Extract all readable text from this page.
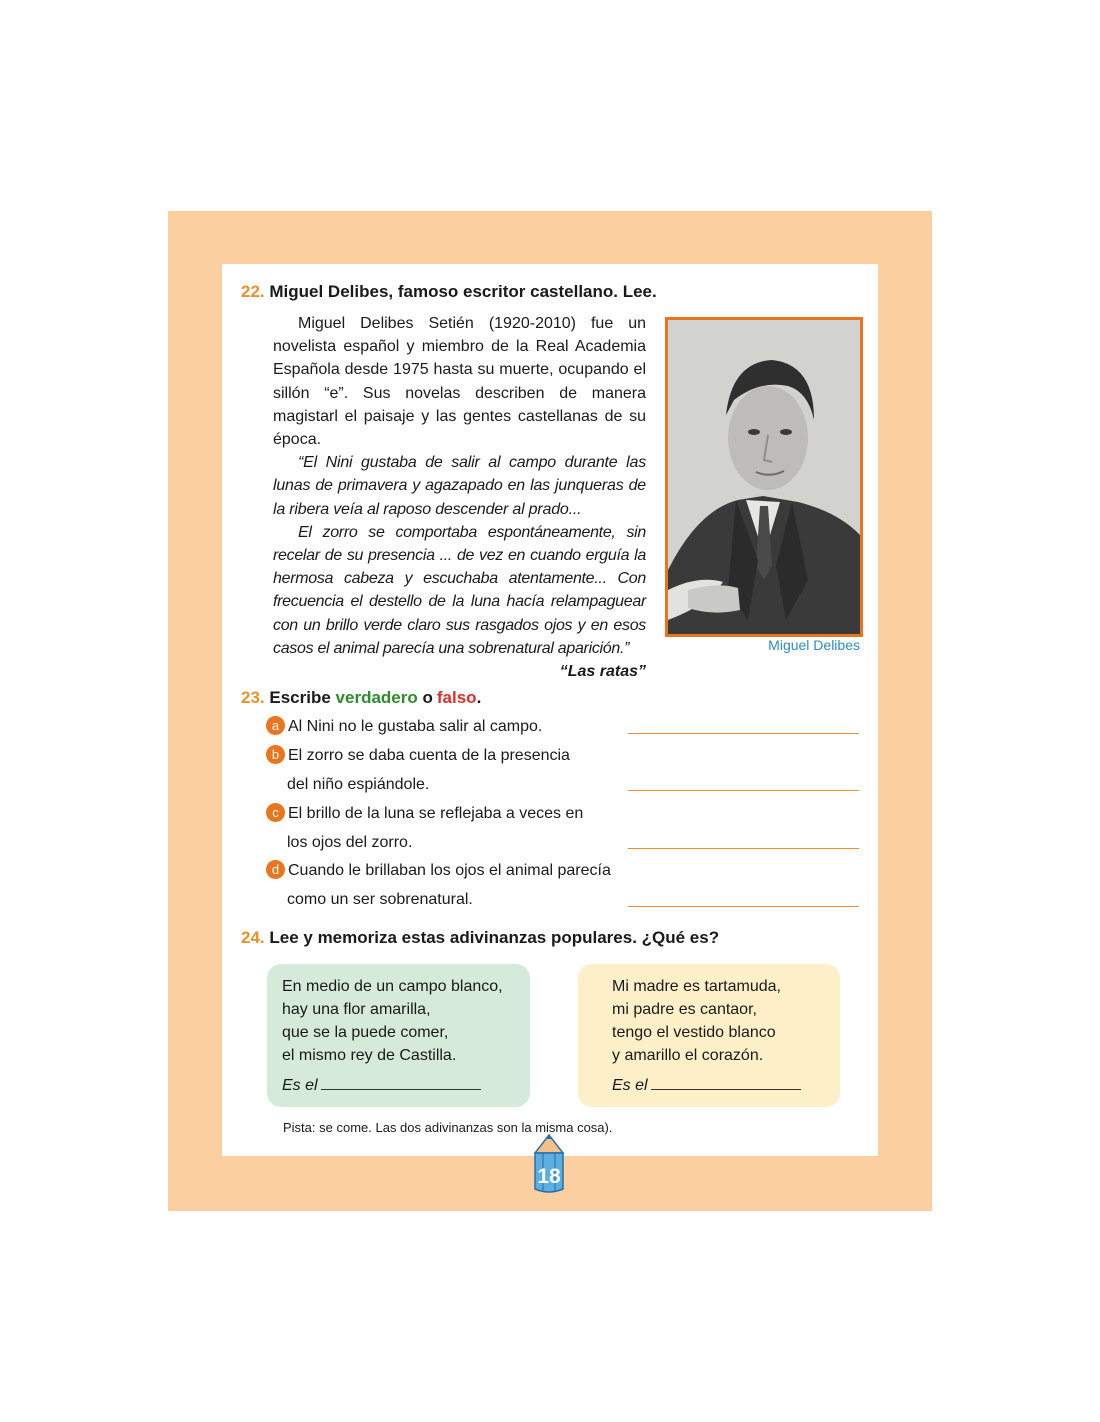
22. Miguel Delibes, famoso escritor castellano. Lee.

Miguel Delibes Setién (1920-2010) fue un novelista español y miembro de la Real Academia Española desde 1975 hasta su muerte, ocupando el sillón “e”. Sus novelas describen de manera magistarl el paisaje y las gentes castellanas de su época.

“El Nini gustaba de salir al campo durante las lunas de primavera y agazapado en las junqueras de la ribera veía al raposo descender al prado...

El zorro se comportaba espontáneamente, sin recelar de su presencia ... de vez en cuando erguía la hermosa cabeza y escuchaba atentamente... Con frecuencia el destello de la luna hacía relampaguear con un brillo verde claro sus rasgados ojos y en esos casos el animal parecía una sobrenatural aparición.”

“Las ratas”

Miguel Delibes
23. Escribe verdadero o falso.
a Al Nini no le gustaba salir al campo.
b El zorro se daba cuenta de la presencia
del niño espiándole.
c El brillo de la luna se reflejaba a veces en
los ojos del zorro.
d Cuando le brillaban los ojos el animal parecía
como un ser sobrenatural.
24. Lee y memoriza estas adivinanzas populares. ¿Qué es?
En medio de un campo blanco,
hay una flor amarilla,
que se la puede comer,
el mismo rey de Castilla.
Es el
Mi madre es tartamuda,
mi padre es cantaor,
tengo el vestido blanco
y amarillo el corazón.
Es el
Pista: se come. Las dos adivinanzas son la misma cosa).
18
